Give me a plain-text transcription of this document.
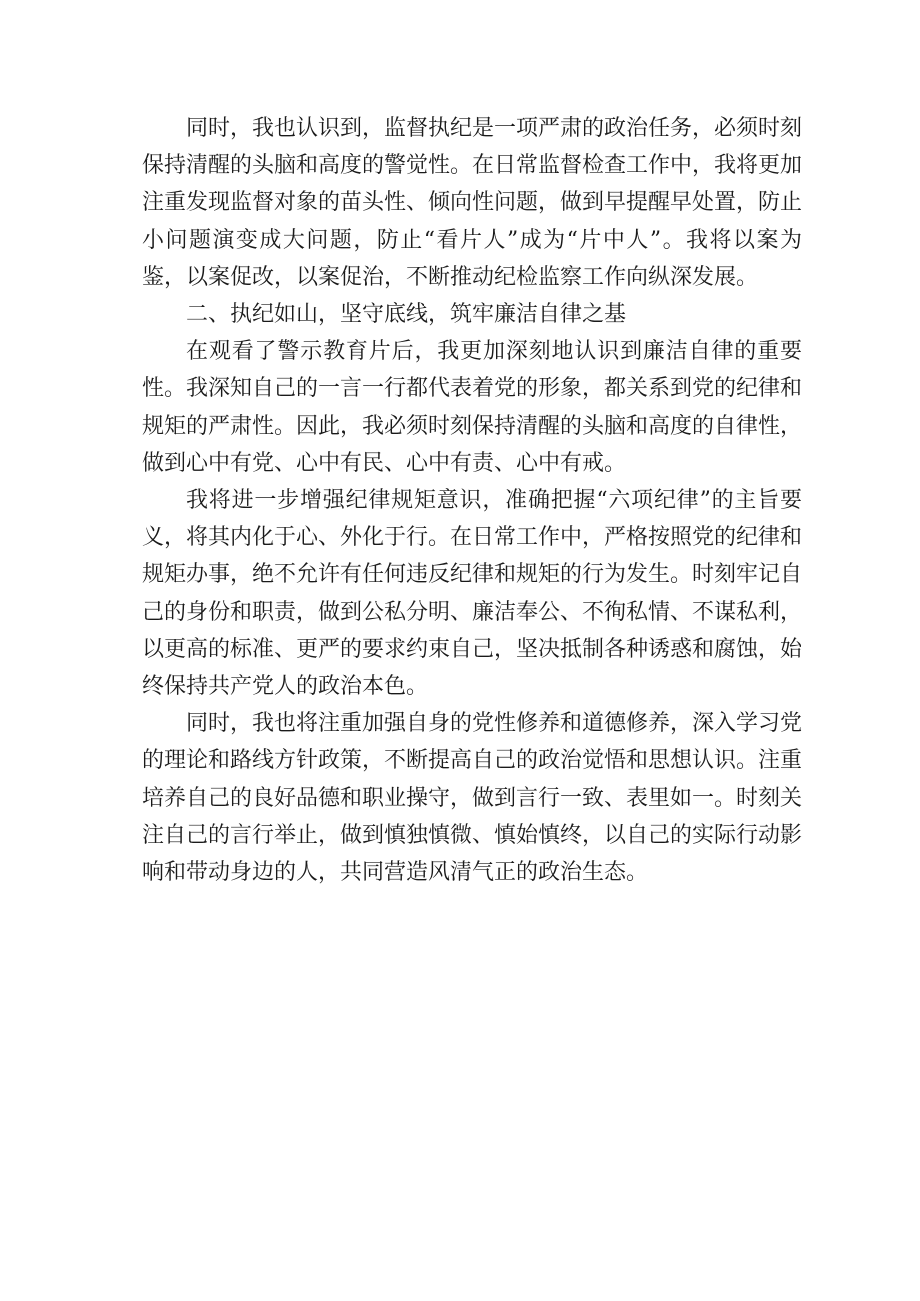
同时，我也认识到，监督执纪是一项严肃的政治任务，必须时刻保持清醒的头脑和高度的警觉性。在日常监督检查工作中，我将更加注重发现监督对象的苗头性、倾向性问题，做到早提醒早处置，防止小问题演变成大问题，防止“看片人”成为“片中人”。我将以案为鉴，以案促改，以案促治，不断推动纪检监察工作向纵深发展。

二、执纪如山，坚守底线，筑牢廉洁自律之基

在观看了警示教育片后，我更加深刻地认识到廉洁自律的重要性。我深知自己的一言一行都代表着党的形象，都关系到党的纪律和规矩的严肃性。因此，我必须时刻保持清醒的头脑和高度的自律性，做到心中有党、心中有民、心中有责、心中有戒。

我将进一步增强纪律规矩意识，准确把握“六项纪律”的主旨要义，将其内化于心、外化于行。在日常工作中，严格按照党的纪律和规矩办事，绝不允许有任何违反纪律和规矩的行为发生。时刻牢记自己的身份和职责，做到公私分明、廉洁奉公、不徇私情、不谋私利，以更高的标准、更严的要求约束自己，坚决抵制各种诱惑和腐蚀，始终保持共产党人的政治本色。

同时，我也将注重加强自身的党性修养和道德修养，深入学习党的理论和路线方针政策，不断提高自己的政治觉悟和思想认识。注重培养自己的良好品德和职业操守，做到言行一致、表里如一。时刻关注自己的言行举止，做到慎独慎微、慎始慎终，以自己的实际行动影响和带动身边的人，共同营造风清气正的政治生态。
